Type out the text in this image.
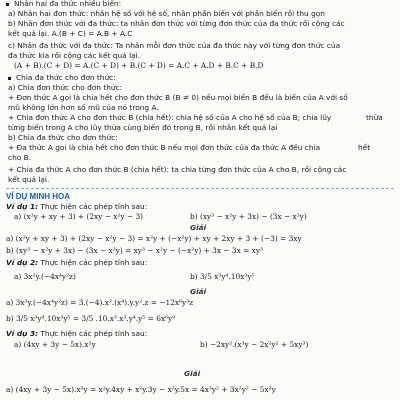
Nhân hai đa thức nhiều biến:
a) Nhân hai đơn thức: nhân hệ số với hệ số, nhân phần biến với phần biến rồi thu gọn
b) Nhân đơn thức với đa thức: ta nhân đơn thức với từng đơn thức của đa thức rồi cộng các
kết quả lại. A.(B + C) = A.B + A.C
c) Nhân đa thức với đa thức: Ta nhân mỗi đơn thức của đa thức này với từng đơn thức của
đa thức kia rồi cộng các kết quả lại.
(A + B).(C + D) = A.(C + D) + B.(C + D) = A.C + A.D + B.C + B.D
Chia đa thức cho đơn thức:
a) Chia đơn thức cho đơn thức:
+ Đơn thức A gọi là chia hết cho đơn thức B (B ≠ 0) nếu mọi biến B đều là biến của A với số
mũ không lớn hơn số mũ của nó trong A.
+ Chia đơn thức A cho đơn thức B (chia hết): chia hệ số của A cho hệ số của B; chia lũy	thừa
từng biến trong A cho lũy thừa cùng biến đó trong B, rồi nhân kết quả lại
b) Chia đa thức cho đơn thức:
+ Đa thức A gọi là chia hết cho đơn thức B nếu mọi đơn thức của đa thức A đều chia	hết
cho B.
+ Chia đa thức A cho đơn thức B (chia hết): ta chia từng đơn thức của A cho B, rồi cộng các
kết quả lại.
VÍ DỤ MINH HOẠ
Ví dụ 1: Thực hiện các phép tính sau:
a) (x²y + xy + 3) + (2xy − x²y − 3)	b) (xy³ − x²y + 3x) − (3x − x²y)
Giải
a) (x²y + xy + 3) + (2xy − x²y − 3) = x²y + (−x²y) + xy + 2xy + 3 + (−3) = 3xy
b) (xy³ − x²y + 3x) − (3x − x²y) = xy³ − x²y − (−x²y) + 3x − 3x = xy³
Ví dụ 2: Thực hiện các phép tính sau:
a) 3x²y.(−4x⁴y²z)	b) 3/5 x³y⁴.10x³y⁵
Giải
a) 3x²y.(−4x⁴y²z) = 3.(−4).x².(x⁴).y.y².z = −12x⁶y³z
b) 3/5 x³y⁴.10x³y⁵ = 3/5 .10.x³.x³.y⁴.y⁵ = 6x⁶y⁹
Ví dụ 3: Thực hiện các phép tính sau:
a) (4xy + 3y − 5x).x²y	b) −2xy².(x³y − 2x²y² + 5xy³)
Giải
a) (4xy + 3y − 5x).x²y = x²y.4xy + x²y.3y − x²y.5x = 4x³y² + 3x²y² − 5x³y
